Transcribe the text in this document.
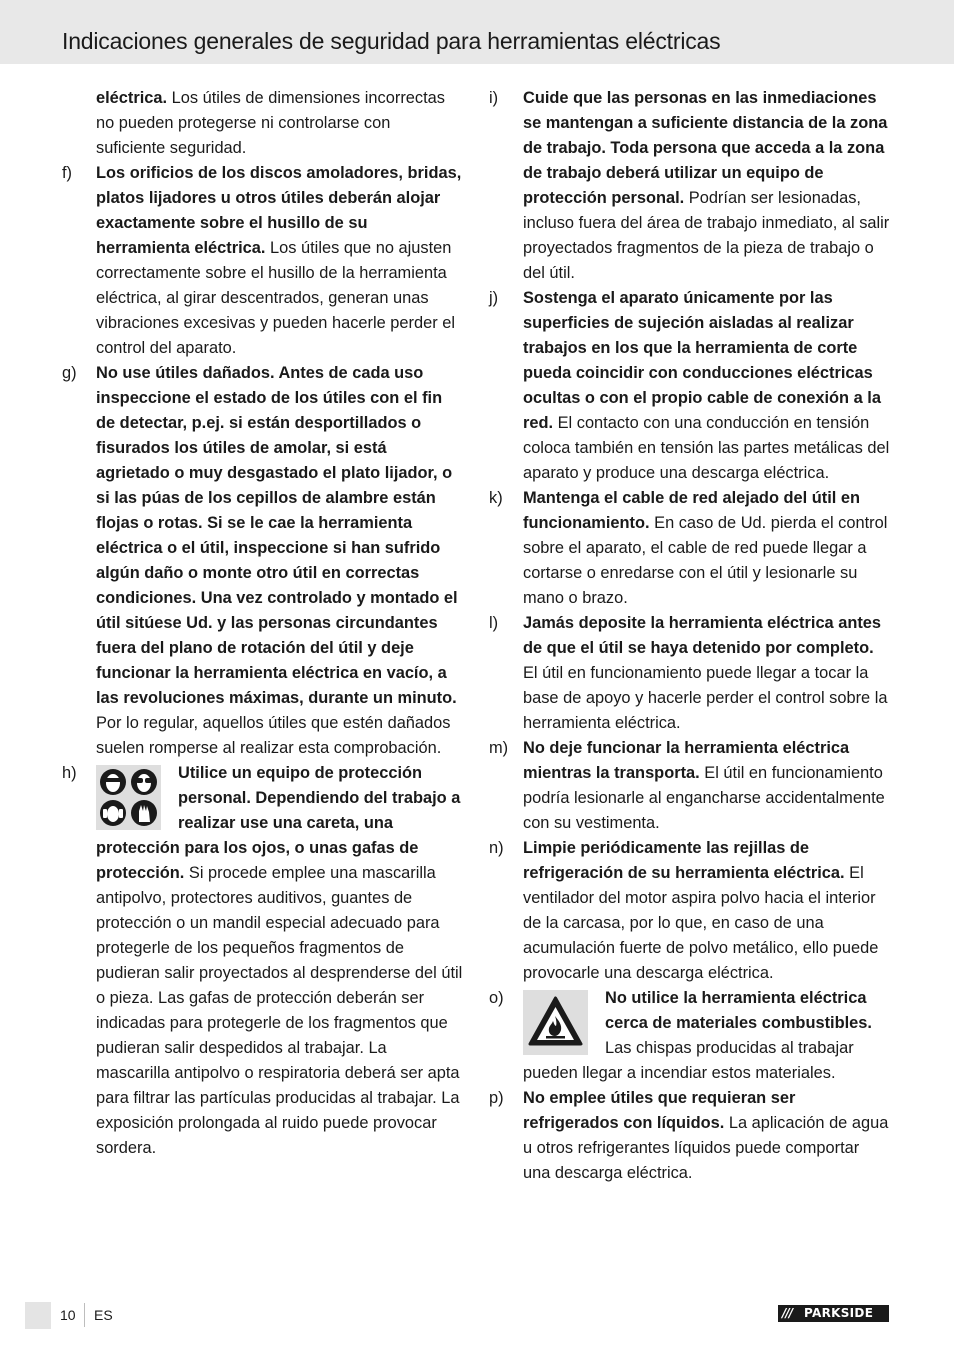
Indicaciones generales de seguridad para herramientas eléctricas
eléctrica. Los útiles de dimensiones incorrectas no pueden protegerse ni controlarse con suficiente seguridad.
f)	Los orificios de los discos amoladores, bridas, platos lijadores u otros útiles deberán alojar exactamente sobre el husillo de su herramienta eléctrica. Los útiles que no ajusten correctamente sobre el husillo de la herramienta eléctrica, al girar descentrados, generan unas vibraciones excesivas y pueden hacerle perder el control del aparato.
g)	No use útiles dañados. Antes de cada uso inspeccione el estado de los útiles con el fin de detectar, p.ej. si están desportillados o fisurados los útiles de amolar, si está agrietado o muy desgastado el plato lijador, o si las púas de los cepillos de alambre están flojas o rotas. Si se le cae la herramienta eléctrica o el útil, inspeccione si han sufrido algún daño o monte otro útil en correctas condiciones. Una vez controlado y montado el útil sitúese Ud. y las personas circundantes fuera del plano de rotación del útil y deje funcionar la herramienta eléctrica en vacío, a las revoluciones máximas, durante un minuto. Por lo regular, aquellos útiles que estén dañados suelen romperse al realizar esta comprobación.
h)	Utilice un equipo de protección personal. Dependiendo del trabajo a realizar use una careta, una protección para los ojos, o unas gafas de protección. Si procede emplee una mascarilla antipolvo, protectores auditivos, guantes de protección o un mandil especial adecuado para protegerle de los pequeños fragmentos de pudieran salir proyectados al desprenderse del útil o pieza. Las gafas de protección deberán ser indicadas para protegerle de los fragmentos que pudieran salir despedidos al trabajar. La mascarilla antipolvo o respiratoria deberá ser apta para filtrar las partículas producidas al trabajar. La exposición prolongada al ruido puede provocar sordera.
i)	Cuide que las personas en las inmediaciones se mantengan a suficiente distancia de la zona de trabajo. Toda persona que acceda a la zona de trabajo deberá utilizar un equipo de protección personal. Podrían ser lesionadas, incluso fuera del área de trabajo inmediato, al salir proyectados fragmentos de la pieza de trabajo o del útil.
j)	Sostenga el aparato únicamente por las superficies de sujeción aisladas al realizar trabajos en los que la herramienta de corte pueda coincidir con conducciones eléctricas ocultas o con el propio cable de conexión a la red. El contacto con una conducción en tensión coloca también en tensión las partes metálicas del aparato y produce una descarga eléctrica.
k)	Mantenga el cable de red alejado del útil en funcionamiento. En caso de Ud. pierda el control sobre el aparato, el cable de red puede llegar a cortarse o enredarse con el útil y lesionarle su mano o brazo.
l)	Jamás deposite la herramienta eléctrica antes de que el útil se haya detenido por completo. El útil en funcionamiento puede llegar a tocar la base de apoyo y hacerle perder el control sobre la herramienta eléctrica.
m) No deje funcionar la herramienta eléctrica mientras la transporta. El útil en funcionamiento podría lesionarle al engancharse accidentalmente con su vestimenta.
n)	Limpie periódicamente las rejillas de refrigeración de su herramienta eléctrica. El ventilador del motor aspira polvo hacia el interior de la carcasa, por lo que, en caso de una acumulación fuerte de polvo metálico, ello puede provocarle una descarga eléctrica.
o)	No utilice la herramienta eléctrica cerca de materiales combustibles. Las chispas producidas al trabajar pueden llegar a incendiar estos materiales.
p)	No emplee útiles que requieran ser refrigerados con líquidos. La aplicación de agua u otros refrigerantes líquidos puede comportar una descarga eléctrica.
10 ES	/// PARKSIDE
